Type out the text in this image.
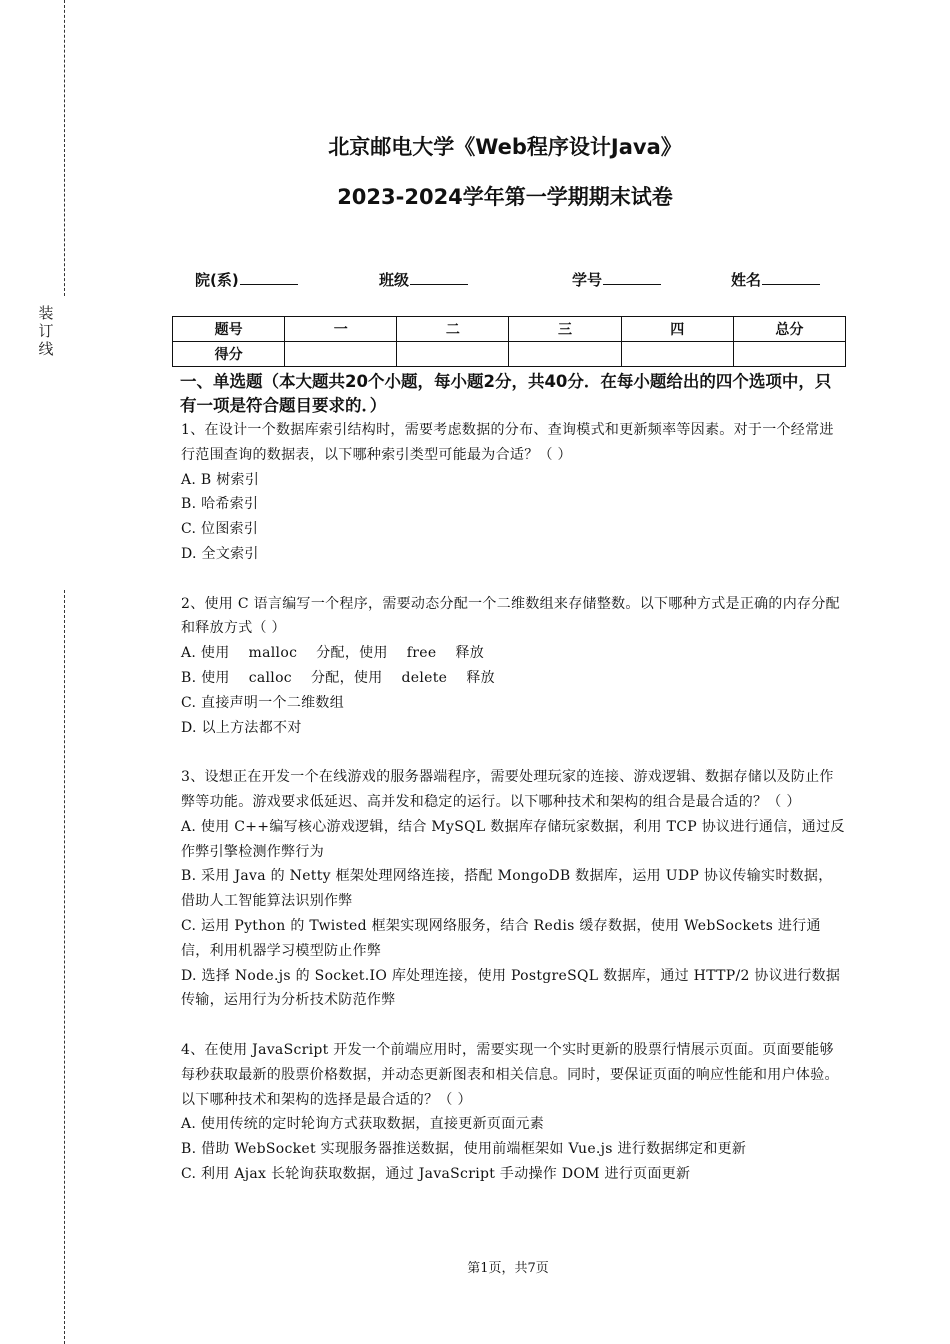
装
订
线
北京邮电大学《Web程序设计Java》
2023-2024学年第一学期期末试卷
院(系)	班级	学号	姓名
题号	一	二	三	四	总分
得分					
一、单选题（本大题共20个小题，每小题2分，共40分．在每小题给出的四个选项中，只有一项是符合题目要求的．）

1、在设计一个数据库索引结构时，需要考虑数据的分布、查询模式和更新频率等因素。对于一个经常进行范围查询的数据表，以下哪种索引类型可能最为合适？（ ）

A. B 树索引

B. 哈希索引

C. 位图索引

D. 全文索引

2、使用 C 语言编写一个程序，需要动态分配一个二维数组来存储整数。以下哪种方式是正确的内存分配和释放方式（ ）

A. 使用　 malloc　 分配，使用　 free　 释放

B. 使用　 calloc　 分配，使用　 delete　 释放

C. 直接声明一个二维数组

D. 以上方法都不对

3、设想正在开发一个在线游戏的服务器端程序，需要处理玩家的连接、游戏逻辑、数据存储以及防止作弊等功能。游戏要求低延迟、高并发和稳定的运行。以下哪种技术和架构的组合是最合适的？（ ）

A. 使用 C++编写核心游戏逻辑，结合 MySQL 数据库存储玩家数据，利用 TCP 协议进行通信，通过反作弊引擎检测作弊行为

B. 采用 Java 的 Netty 框架处理网络连接，搭配 MongoDB 数据库，运用 UDP 协议传输实时数据，借助人工智能算法识别作弊

C. 运用 Python 的 Twisted 框架实现网络服务，结合 Redis 缓存数据，使用 WebSockets 进行通信，利用机器学习模型防止作弊

D. 选择 Node.js 的 Socket.IO 库处理连接，使用 PostgreSQL 数据库，通过 HTTP/2 协议进行数据传输，运用行为分析技术防范作弊

4、在使用 JavaScript 开发一个前端应用时，需要实现一个实时更新的股票行情展示页面。页面要能够每秒获取最新的股票价格数据，并动态更新图表和相关信息。同时，要保证页面的响应性能和用户体验。以下哪种技术和架构的选择是最合适的？（ ）

A. 使用传统的定时轮询方式获取数据，直接更新页面元素

B. 借助 WebSocket 实现服务器推送数据，使用前端框架如 Vue.js 进行数据绑定和更新

C. 利用 Ajax 长轮询获取数据，通过 JavaScript 手动操作 DOM 进行页面更新

第1页，共7页
